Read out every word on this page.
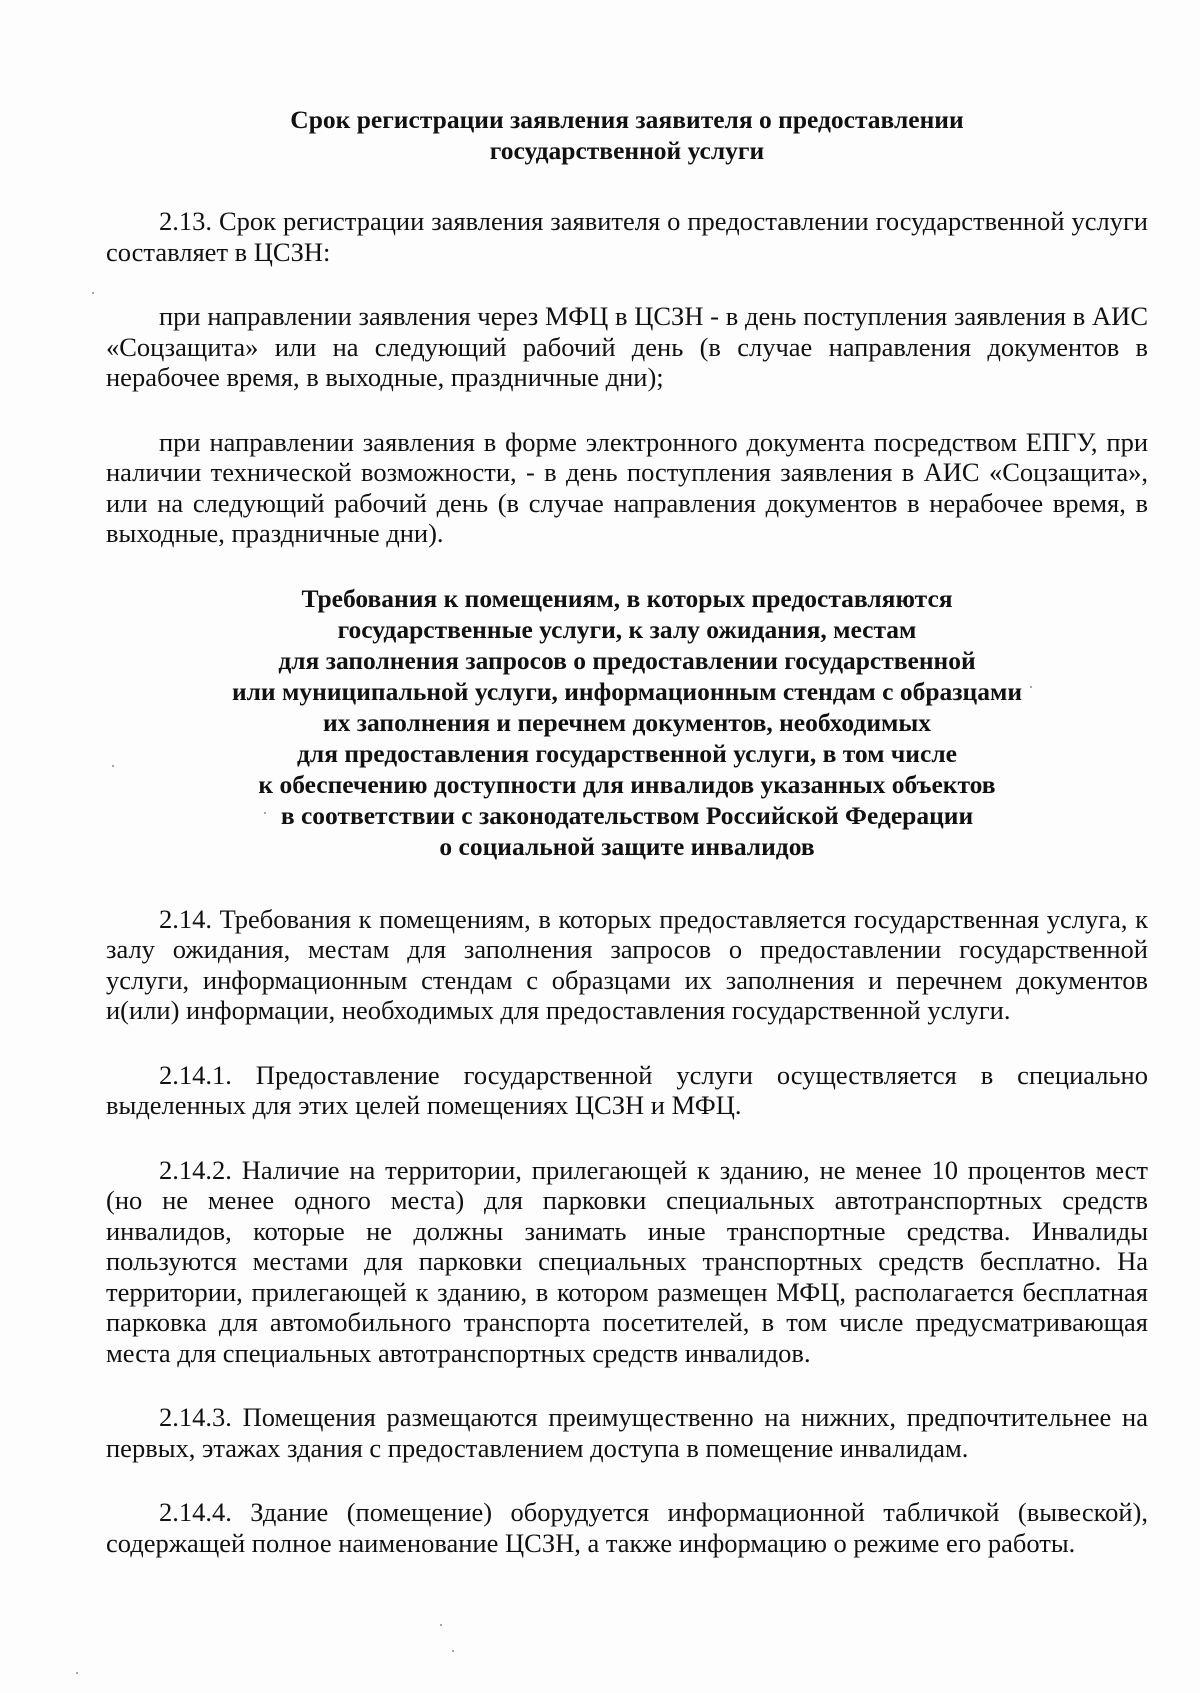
Срок регистрации заявления заявителя о предоставлении
государственной услуги

2.13. Срок регистрации заявления заявителя о предоставлении государственной услуги составляет в ЦСЗН:

при направлении заявления через МФЦ в ЦСЗН - в день поступления заявления в АИС «Соцзащита» или на следующий рабочий день (в случае направления документов в нерабочее время, в выходные, праздничные дни);

при направлении заявления в форме электронного документа посредством ЕПГУ, при наличии технической возможности, - в день поступления заявления в АИС «Соцзащита», или на следующий рабочий день (в случае направления документов в нерабочее время, в выходные, праздничные дни).

Требования к помещениям, в которых предоставляются
государственные услуги, к залу ожидания, местам
для заполнения запросов о предоставлении государственной
или муниципальной услуги, информационным стендам с образцами
их заполнения и перечнем документов, необходимых
для предоставления государственной услуги, в том числе
к обеспечению доступности для инвалидов указанных объектов
в соответствии с законодательством Российской Федерации
о социальной защите инвалидов

2.14. Требования к помещениям, в которых предоставляется государственная услуга, к залу ожидания, местам для заполнения запросов о предоставлении государственной услуги, информационным стендам с образцами их заполнения и перечнем документов и(или) информации, необходимых для предоставления государственной услуги.

2.14.1. Предоставление государственной услуги осуществляется в специально выделенных для этих целей помещениях ЦСЗН и МФЦ.

2.14.2. Наличие на территории, прилегающей к зданию, не менее 10 процентов мест (но не менее одного места) для парковки специальных автотранспортных средств инвалидов, которые не должны занимать иные транспортные средства. Инвалиды пользуются местами для парковки специальных транспортных средств бесплатно. На территории, прилегающей к зданию, в котором размещен МФЦ, располагается бесплатная парковка для автомобильного транспорта посетителей, в том числе предусматривающая места для специальных автотранспортных средств инвалидов.

2.14.3. Помещения размещаются преимущественно на нижних, предпочтительнее на первых, этажах здания с предоставлением доступа в помещение инвалидам.

2.14.4. Здание (помещение) оборудуется информационной табличкой (вывеской), содержащей полное наименование ЦСЗН, а также информацию о режиме его работы.
